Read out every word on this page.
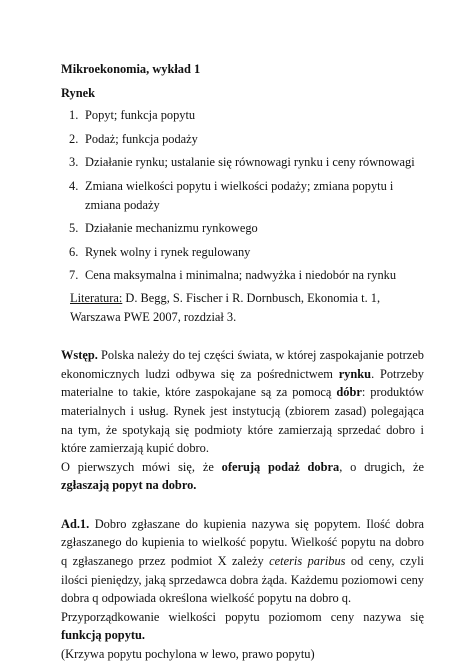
Mikroekonomia, wykład 1
Rynek
1. Popyt; funkcja popytu
2. Podaż; funkcja podaży
3. Działanie rynku; ustalanie się równowagi rynku i ceny równowagi
4. Zmiana wielkości popytu i wielkości podaży; zmiana popytu i zmiana podaży
5. Działanie mechanizmu rynkowego
6. Rynek wolny i rynek regulowany
7. Cena maksymalna i minimalna; nadwyżka i niedobór na rynku
Literatura: D. Begg, S. Fischer i R. Dornbusch, Ekonomia t. 1, Warszawa PWE 2007, rozdział 3.
Wstęp. Polska należy do tej części świata, w której zaspokajanie potrzeb ekonomicznych ludzi odbywa się za pośrednictwem rynku. Potrzeby materialne to takie, które zaspokajane są za pomocą dóbr: produktów materialnych i usług. Rynek jest instytucją (zbiorem zasad) polegająca na tym, że spotykają się podmioty które zamierzają sprzedać dobro i które zamierzają kupić dobro.
O pierwszych mówi się, że oferują podaż dobra, o drugich, że zgłaszają popyt na dobro.
Ad.1. Dobro zgłaszane do kupienia nazywa się popytem. Ilość dobra zgłaszanego do kupienia to wielkość popytu. Wielkość popytu na dobro q zgłaszanego przez podmiot X zależy ceteris paribus od ceny, czyli ilości pieniędzy, jaką sprzedawca dobra żąda. Każdemu poziomowi ceny dobra q odpowiada określona wielkość popytu na dobro q.
Przyporządkowanie wielkości popytu poziomom ceny nazywa się funkcją popytu.
(Krzywa popytu pochylona w lewo, prawo popytu)
